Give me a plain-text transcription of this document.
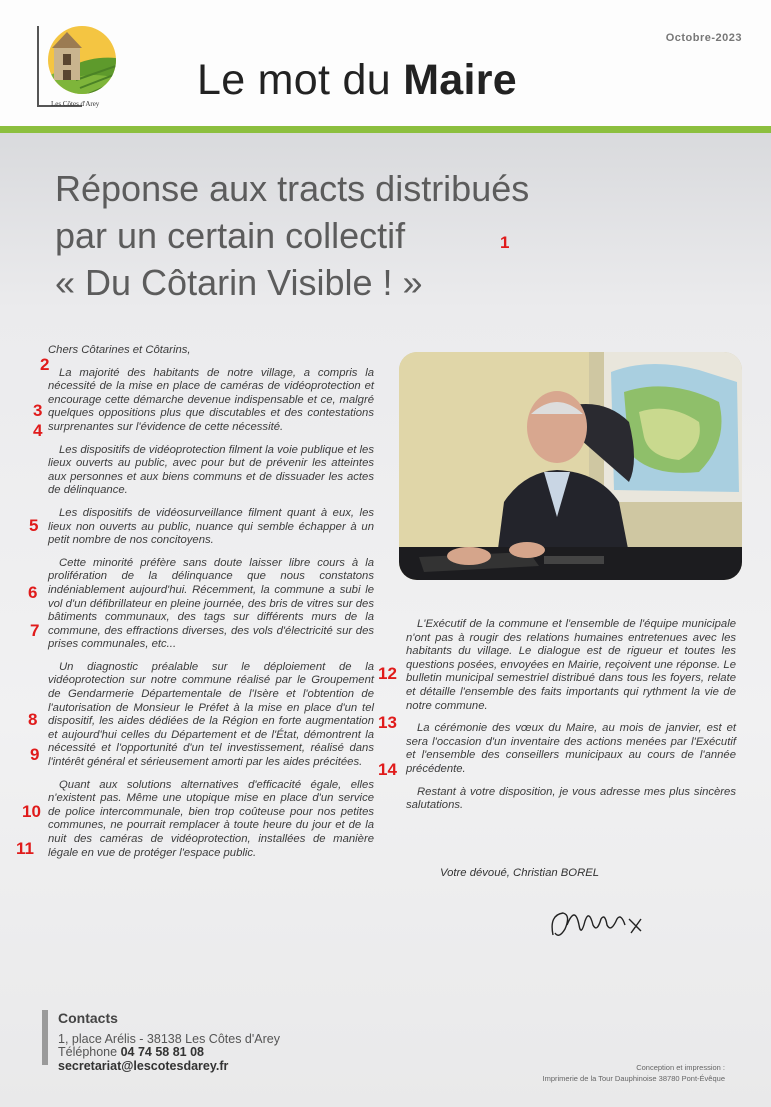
Les Côtes d'Arey
Octobre-2023
Le mot du Maire
Réponse aux tracts distribués
par un certain collectif
« Du Côtarin Visible ! »

Chers Côtarines et Côtarins,

La majorité des habitants de notre village, a compris la nécessité de la mise en place de caméras de vidéoprotection et encourage cette démarche devenue indispensable et ce, malgré quelques oppositions plus que discutables et des contestations surprenantes sur l'évidence de cette nécessité.

Les dispositifs de vidéoprotection filment la voie publique et les lieux ouverts au public, avec pour but de prévenir les atteintes aux personnes et aux biens communs et de dissuader les actes de délinquance.

Les dispositifs de vidéosurveillance filment quant à eux, les lieux non ouverts au public, nuance qui semble échapper à un petit nombre de nos concitoyens.

Cette minorité préfère sans doute laisser libre cours à la prolifération de la délinquance que nous constatons indéniablement aujourd'hui. Récemment, la commune a subi le vol d'un défibrillateur en pleine journée, des bris de vitres sur des bâtiments communaux, des tags sur différents murs de la commune, des effractions diverses, des vols d'électricité sur des prises communales, etc...

Un diagnostic préalable sur le déploiement de la vidéoprotection sur notre commune réalisé par le Groupement de Gendarmerie Départementale de l'Isère et l'obtention de l'autorisation de Monsieur le Préfet à la mise en place d'un tel dispositif, les aides dédiées de la Région en forte augmentation et aujourd'hui celles du Département et de l'État, démontrent la nécessité et l'opportunité d'un tel investissement, réalisé dans l'intérêt général et sérieusement amorti par les aides précitées.

Quant aux solutions alternatives d'efficacité égale, elles n'existent pas. Même une utopique mise en place d'un service de police intercommunale, bien trop coûteuse pour nos petites communes, ne pourrait remplacer à toute heure du jour et de la nuit des caméras de vidéoprotection, installées de manière légale en vue de protéger l'espace public.

L'Exécutif de la commune et l'ensemble de l'équipe municipale n'ont pas à rougir des relations humaines entretenues avec les habitants du village. Le dialogue est de rigueur et toutes les questions posées, envoyées en Mairie, reçoivent une réponse. Le bulletin municipal semestriel distribué dans tous les foyers, relate et détaille l'ensemble des faits importants qui rythment la vie de notre commune.

La cérémonie des vœux du Maire, au mois de janvier, est et sera l'occasion d'un inventaire des actions menées par l'Exécutif et l'ensemble des conseillers municipaux au cours de l'année précédente.

Restant à votre disposition, je vous adresse mes plus sincères salutations.

Votre dévoué, Christian BOREL
1
2
3
4
5
6
7
8
9
10
11
12
13
14
Contacts
1, place Arélis - 38138 Les Côtes d'Arey
Téléphone 04 74 58 81 08
secretariat@lescotesdarey.fr	Conception et impression :
Imprimerie de la Tour Dauphinoise 38780 Pont-Évêque
